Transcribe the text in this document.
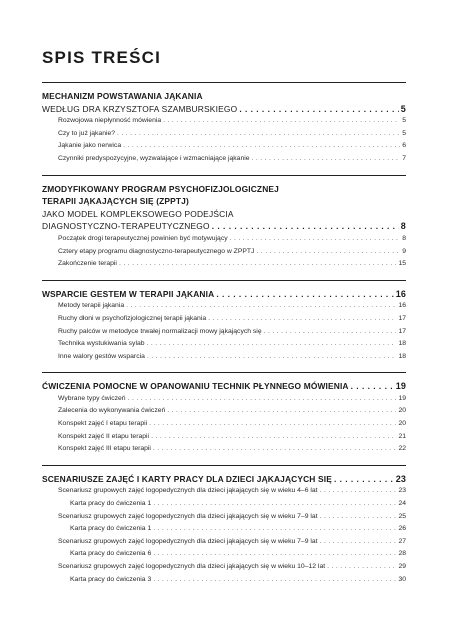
SPIS TREŚCI
MECHANIZM POWSTAWANIA JĄKANIA
WEDŁUG DRA KRZYSZTOFA SZAMBURSKIEGO . . .	5
Rozwojowa niepłynność mówienia . . .	5
Czy to już jąkanie? . . .	5
Jąkanie jako nerwica . . .	6
Czynniki predyspozycyjne, wyzwalające i wzmacniające jąkanie . . .	7
ZMODYFIKOWANY PROGRAM PSYCHOFIZJOLOGICZNEJ
TERAPII JĄKAJĄCYCH SIĘ (ZPPTJ)
JAKO MODEL KOMPLEKSOWEGO PODEJŚCIA
DIAGNOSTYCZNO-TERAPEUTYCZNEGO . . .	8
Początek drogi terapeutycznej powinien być motywujący . . .	8
Cztery etapy programu diagnostyczno-terapeutycznego w ZPPTJ . . .	9
Zakończenie terapii . . .	15
WSPARCIE GESTEM W TERAPII JĄKANIA . . .	16
Metody terapii jąkania . . .	16
Ruchy dłoni w psychofizjologicznej terapii jąkania . . .	17
Ruchy palców w metodyce trwałej normalizacji mowy jąkających się . . .	17
Technika wystukiwania sylab . . .	18
Inne walory gestów wsparcia . . .	18
ĆWICZENIA POMOCNE W OPANOWANIU TECHNIK PŁYNNEGO MÓWIENIA . . .	19
Wybrane typy ćwiczeń . . .	19
Zalecenia do wykonywania ćwiczeń . . .	20
Konspekt zajęć I etapu terapii . . .	20
Konspekt zajęć II etapu terapii . . .	21
Konspekt zajęć III etapu terapii . . .	22
SCENARIUSZE ZAJĘĆ I KARTY PRACY DLA DZIECI JĄKAJĄCYCH SIĘ . . .	23
Scenariusz grupowych zajęć logopedycznych dla dzieci jąkających się w wieku 4–6 lat . . .	23
Karta pracy do ćwiczenia 1 . . .	24
Scenariusz grupowych zajęć logopedycznych dla dzieci jąkających się w wieku 7–9 lat . . .	25
Karta pracy do ćwiczenia 1 . . .	26
Scenariusz grupowych zajęć logopedycznych dla dzieci jąkających się w wieku 7–9 lat . . .	27
Karta pracy do ćwiczenia 6 . . .	28
Scenariusz grupowych zajęć logopedycznych dla dzieci jąkających się w wieku 10–12 lat . . .	29
Karta pracy do ćwiczenia 3 . . .	30
